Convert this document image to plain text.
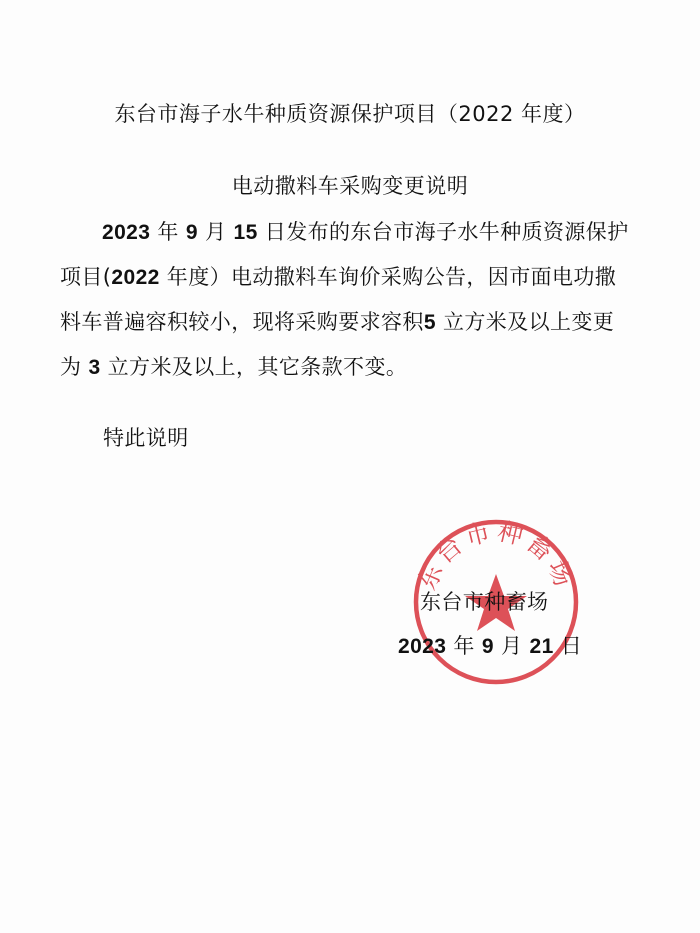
东台市海子水牛种质资源保护项目（2022 年度）
电动撒料车采购变更说明
2023 年 9 月 15 日发布的东台市海子水牛种质资源保护项目(2022 年度）电动撒料车询价采购公告，因市面电功撒料车普遍容积较小，现将采购要求容积5 立方米及以上变更为 3 立方米及以上，其它条款不变。
特此说明
东台市种畜场
东台市种畜场
2023 年 9 月 21 日
